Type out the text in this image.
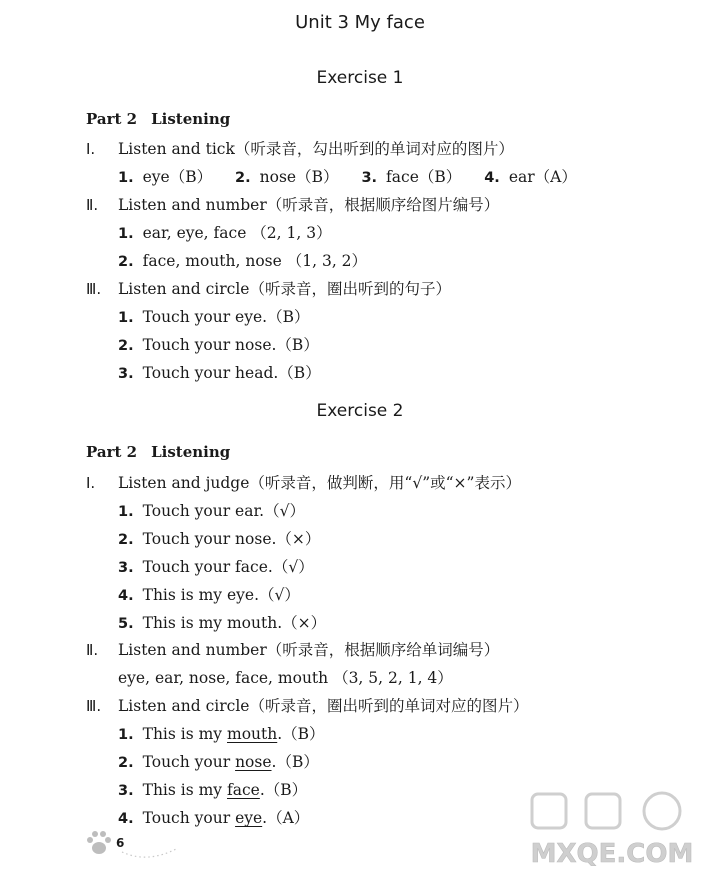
Unit 3 My face
Exercise 1
Part 2 Listening
Ⅰ. Listen and tick（听录音，勾出听到的单词对应的图片）
1. eye（B） 2. nose（B） 3. face（B） 4. ear（A）
Ⅱ. Listen and number（听录音，根据顺序给图片编号）
1. ear, eye, face （2, 1, 3）
2. face, mouth, nose （1, 3, 2）
Ⅲ. Listen and circle（听录音，圈出听到的句子）
1. Touch your eye.（B）
2. Touch your nose.（B）
3. Touch your head.（B）
Exercise 2
Part 2 Listening
Ⅰ. Listen and judge（听录音，做判断，用“√”或“×”表示）
1. Touch your ear.（√）
2. Touch your nose.（×）
3. Touch your face.（√）
4. This is my eye.（√）
5. This is my mouth.（×）
Ⅱ. Listen and number（听录音，根据顺序给单词编号）
eye, ear, nose, face, mouth （3, 5, 2, 1, 4）
Ⅲ. Listen and circle（听录音，圈出听到的单词对应的图片）
1. This is my mouth.（B）
2. Touch your nose.（B）
3. This is my face.（B）
4. Touch your eye.（A）
6	MXQE.COM
